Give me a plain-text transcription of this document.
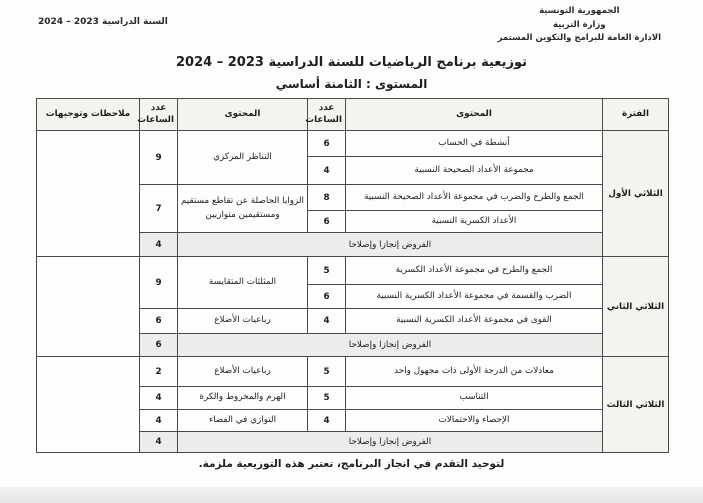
الجمهورية التونسية
وزارة التربية
الادارة العامة للبرامج والتكوين المستمر
السنة الدراسية 2023 – 2024
توزيعية برنامج الرياضيات للسنة الدراسية 2023 – 2024
المستوى : الثامنة أساسي
الفترة	المحتوى	عدد الساعات	المحتوى	عدد الساعات	ملاحظات وتوجيهات
الثلاثي الأول	أنشطة في الحساب	6	التناظر المركزي	9	
	مجموعة الأعداد الصحيحة النسبية	4			
	الجمع والطرح والضرب في مجموعة الأعداد الصحيحة النسبية	8	الزوايا الحاصلة عن تقاطع مستقيم ومستقيمين متوازيين	7	
	الأعداد الكسرية النسبية	6			
	الفروض إنجازا وإصلاحا			4	
الثلاثي الثاني	الجمع والطرح في مجموعة الأعداد الكسرية	5	المثلثات المتقايسة	9	
	الضرب والقسمة في مجموعة الأعداد الكسرية النسبية	6			
	القوى في مجموعة الأعداد الكسرية النسبية	4	رباعيات الأضلاع	6	
	الفروض إنجازا وإصلاحا			6	
الثلاثي الثالث	معادلات من الدرجة الأولى ذات مجهول واحد	5	رباعيات الأضلاع	2	
	التناسب	5	الهرم والمخروط والكرة	4	
	الإحصاء والاحتمالات	4	التوازي في الفضاء	4	
	الفروض إنجازا وإصلاحا			4	
لتوحيد التقدم في انجاز البرنامج، تعتبر هذه التوزيعية ملزمة.
